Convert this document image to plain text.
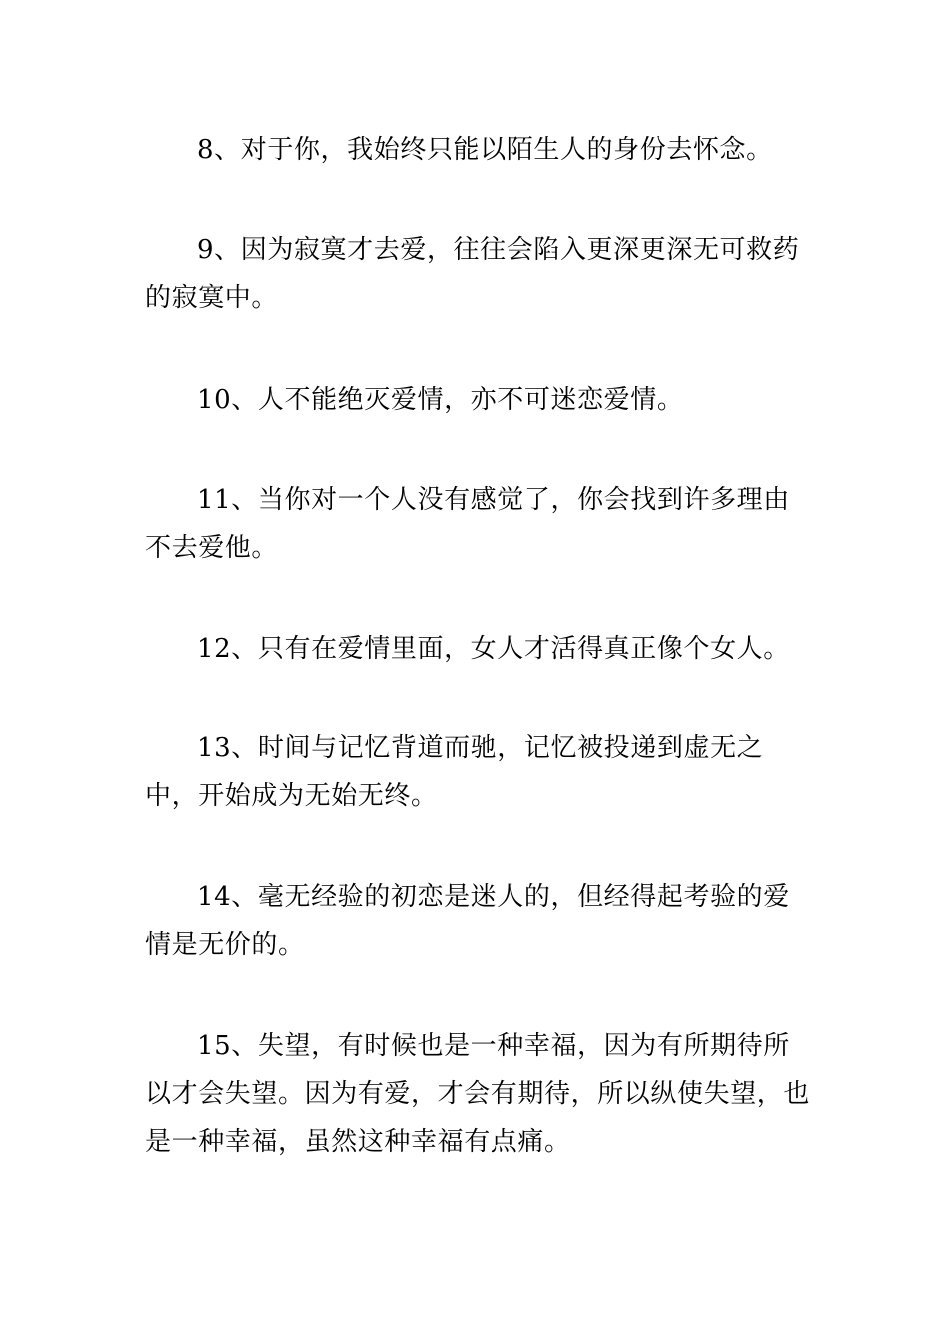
8、对于你，我始终只能以陌生人的身份去怀念。

9、因为寂寞才去爱，往往会陷入更深更深无可救药的寂寞中。

10、人不能绝灭爱情，亦不可迷恋爱情。

11、当你对一个人没有感觉了，你会找到许多理由不去爱他。

12、只有在爱情里面，女人才活得真正像个女人。

13、时间与记忆背道而驰，记忆被投递到虚无之中，开始成为无始无终。

14、毫无经验的初恋是迷人的，但经得起考验的爱情是无价的。

15、失望，有时候也是一种幸福，因为有所期待所以才会失望。因为有爱，才会有期待，所以纵使失望，也是一种幸福，虽然这种幸福有点痛。
